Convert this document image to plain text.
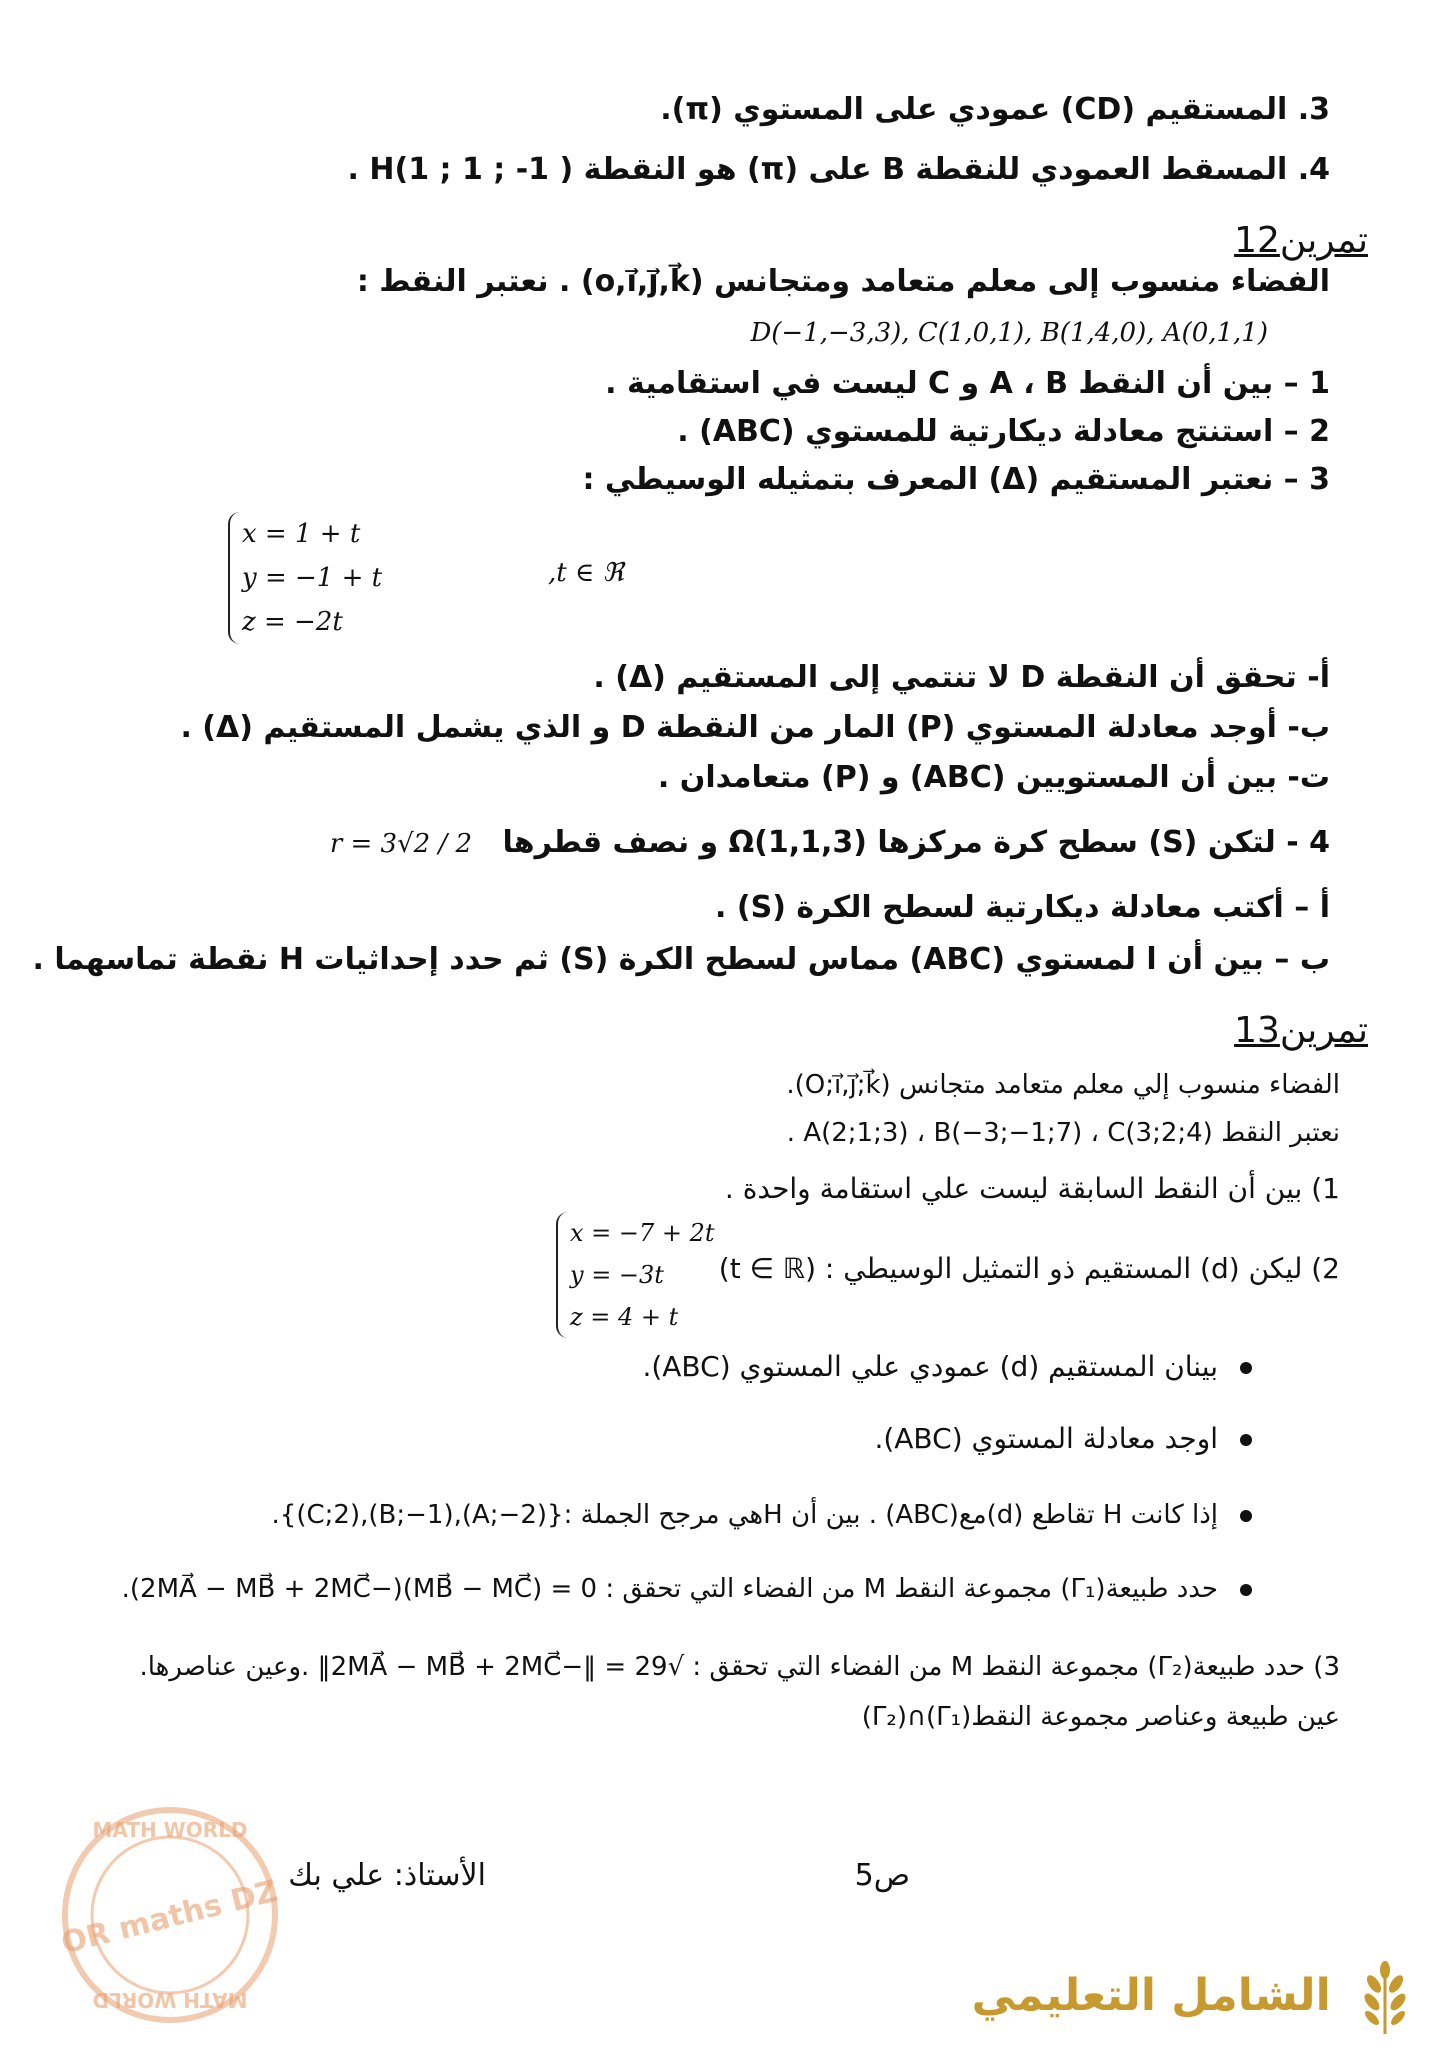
3. المستقيم (CD) عمودي على المستوي (π).
4. المسقط العمودي للنقطة B على (π) هو النقطة ( H(1 ; 1 ; -1 .
تمرين12
الفضاء منسوب إلى معلم متعامد ومتجانس (o,i⃗,j⃗,k⃗) . نعتبر النقط :
D(−1,−3,3), C(1,0,1), B(1,4,0), A(0,1,1)
1 – بين أن النقط A ، B و C ليست في استقامية .
2 – استنتج معادلة ديكارتية للمستوي (ABC) .
3 – نعتبر المستقيم (Δ) المعرف بتمثيله الوسيطي :
x = 1 + t
y = −1 + t
z = −2t
,t ∈ ℜ
أ- تحقق أن النقطة D لا تنتمي إلى المستقيم (Δ) .
ب- أوجد معادلة المستوي (P) المار من النقطة D و الذي يشمل المستقيم (Δ) .
ت- بين أن المستويين (ABC) و (P) متعامدان .
4 - لتكن (S) سطح كرة مركزها Ω(1,1,3) و نصف قطرها r = 3√2 / 2
أ – أكتب معادلة ديكارتية لسطح الكرة (S) .
ب – بين أن ا لمستوي (ABC) مماس لسطح الكرة (S) ثم حدد إحداثيات H نقطة تماسهما .
تمرين13
الفضاء منسوب إلي معلم متعامد متجانس (O;i⃗,j⃗;k⃗).
نعتبر النقط A(2;1;3) ، B(−3;−1;7) ، C(3;2;4) .
1) بين أن النقط السابقة ليست علي استقامة واحدة .
2) ليكن (d) المستقيم ذو التمثيل الوسيطي : (t ∈ ℝ)
x = −7 + 2t
y = −3t
z = 4 + t
بينان المستقيم (d) عمودي علي المستوي (ABC).
اوجد معادلة المستوي (ABC).
إذا كانت H تقاطع (d)مع(ABC) . بين أن Hهي مرجح الجملة :{(A;−2),(B;−1),(C;2)}.
حدد طبيعة(Γ₁) مجموعة النقط M من الفضاء التي تحقق : 0 = (MB⃗ − MC⃗)(−2MA⃗ − MB⃗ + 2MC⃗).
3) حدد طبيعة(Γ₂) مجموعة النقط M من الفضاء التي تحقق : √29 = ‖−2MA⃗ − MB⃗ + 2MC⃗‖ .وعين عناصرها.
عين طبيعة وعناصر مجموعة النقط(Γ₁)∩(Γ₂)
MATH WORLD
OR maths DZ
MATH WORLD
الأستاذ: علي بك	ص5
الشامل التعليمي
